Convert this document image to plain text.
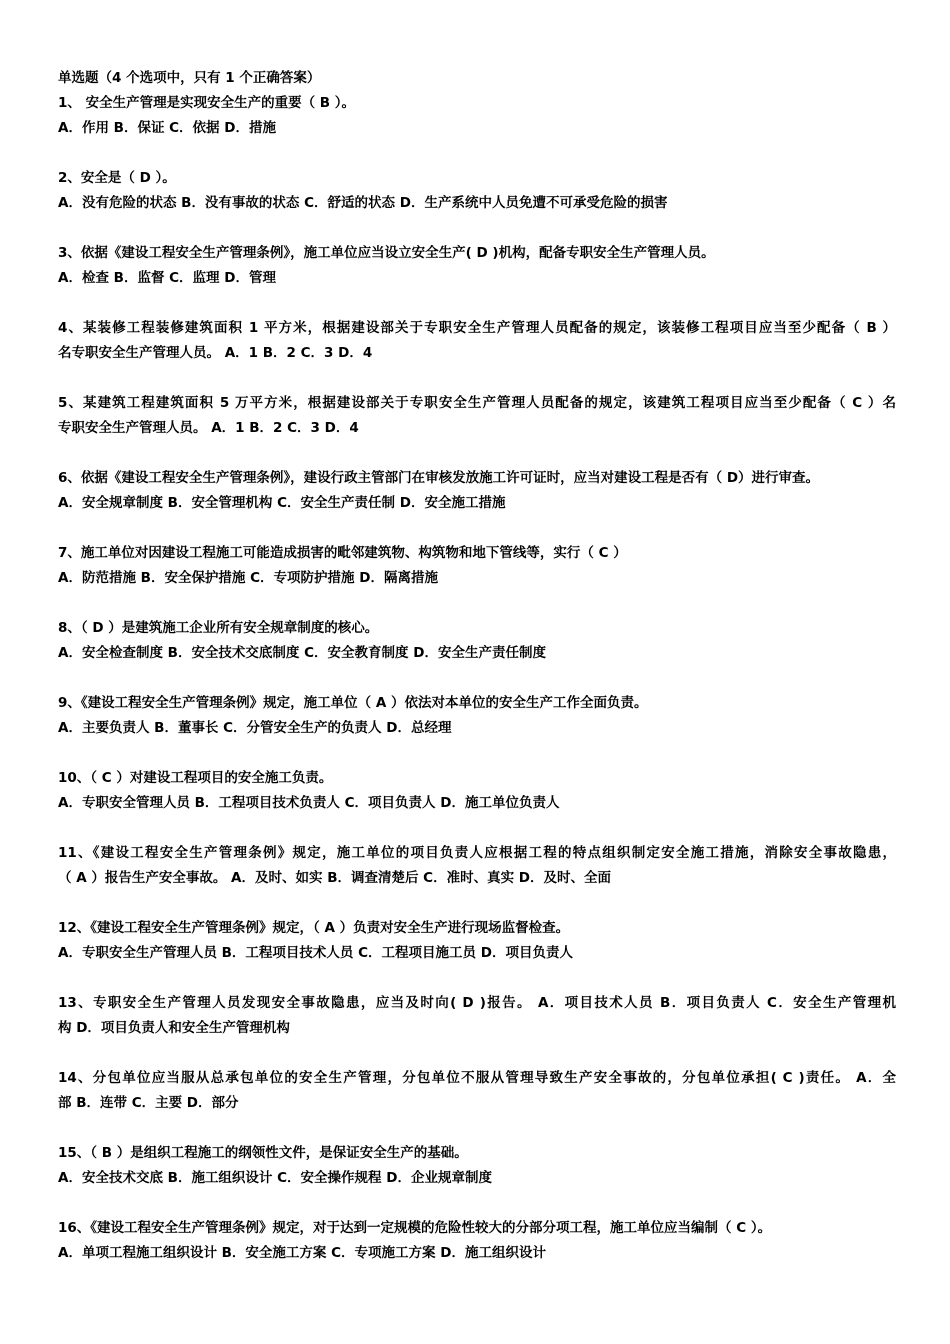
单选题（4 个选项中，只有 1 个正确答案）
1、 安全生产管理是实现安全生产的重要（ B ）。
A．作用 B．保证 C．依据 D．措施
2、安全是（ D ）。
A．没有危险的状态 B．没有事故的状态 C．舒适的状态 D．生产系统中人员免遭不可承受危险的损害
3、依据《建设工程安全生产管理条例》，施工单位应当设立安全生产( D )机构，配备专职安全生产管理人员。
A．检查 B．监督 C．监理 D．管理
4、某装修工程装修建筑面积 1 平方米，根据建设部关于专职安全生产管理人员配备的规定，该装修工程项目应当至少配备（ B ）
名专职安全生产管理人员。 A．1 B．2 C．3 D．4
5、某建筑工程建筑面积 5 万平方米，根据建设部关于专职安全生产管理人员配备的规定，该建筑工程项目应当至少配备（ C ）名
专职安全生产管理人员。 A．1 B．2 C．3 D．4
6、依据《建设工程安全生产管理条例》，建设行政主管部门在审核发放施工许可证时，应当对建设工程是否有（ D）进行审查。
A．安全规章制度 B．安全管理机构 C．安全生产责任制 D．安全施工措施
7、施工单位对因建设工程施工可能造成损害的毗邻建筑物、构筑物和地下管线等，实行（ C ）
A．防范措施 B．安全保护措施 C．专项防护措施 D．隔离措施
8、（ D ）是建筑施工企业所有安全规章制度的核心。
A．安全检查制度 B．安全技术交底制度 C．安全教育制度 D．安全生产责任制度
9、《建设工程安全生产管理条例》规定，施工单位（ A ）依法对本单位的安全生产工作全面负责。
A．主要负责人 B．董事长 C．分管安全生产的负责人 D．总经理
10、（ C ）对建设工程项目的安全施工负责。
A．专职安全管理人员 B．工程项目技术负责人 C．项目负责人 D．施工单位负责人
11、《建设工程安全生产管理条例》规定，施工单位的项目负责人应根据工程的特点组织制定安全施工措施，消除安全事故隐患，
（ A ）报告生产安全事故。 A．及时、如实 B．调查清楚后 C．准时、真实 D．及时、全面
12、《建设工程安全生产管理条例》规定，（ A ）负责对安全生产进行现场监督检查。
A．专职安全生产管理人员 B．工程项目技术人员 C．工程项目施工员 D．项目负责人
13、专职安全生产管理人员发现安全事故隐患，应当及时向( D )报告。 A．项目技术人员 B．项目负责人 C．安全生产管理机
构 D．项目负责人和安全生产管理机构
14、分包单位应当服从总承包单位的安全生产管理，分包单位不服从管理导致生产安全事故的，分包单位承担( C )责任。 A．全
部 B．连带 C．主要 D．部分
15、（ B ）是组织工程施工的纲领性文件，是保证安全生产的基础。
A．安全技术交底 B．施工组织设计 C．安全操作规程 D．企业规章制度
16、《建设工程安全生产管理条例》规定，对于达到一定规模的危险性较大的分部分项工程，施工单位应当编制（ C ）。
A．单项工程施工组织设计 B．安全施工方案 C．专项施工方案 D．施工组织设计
